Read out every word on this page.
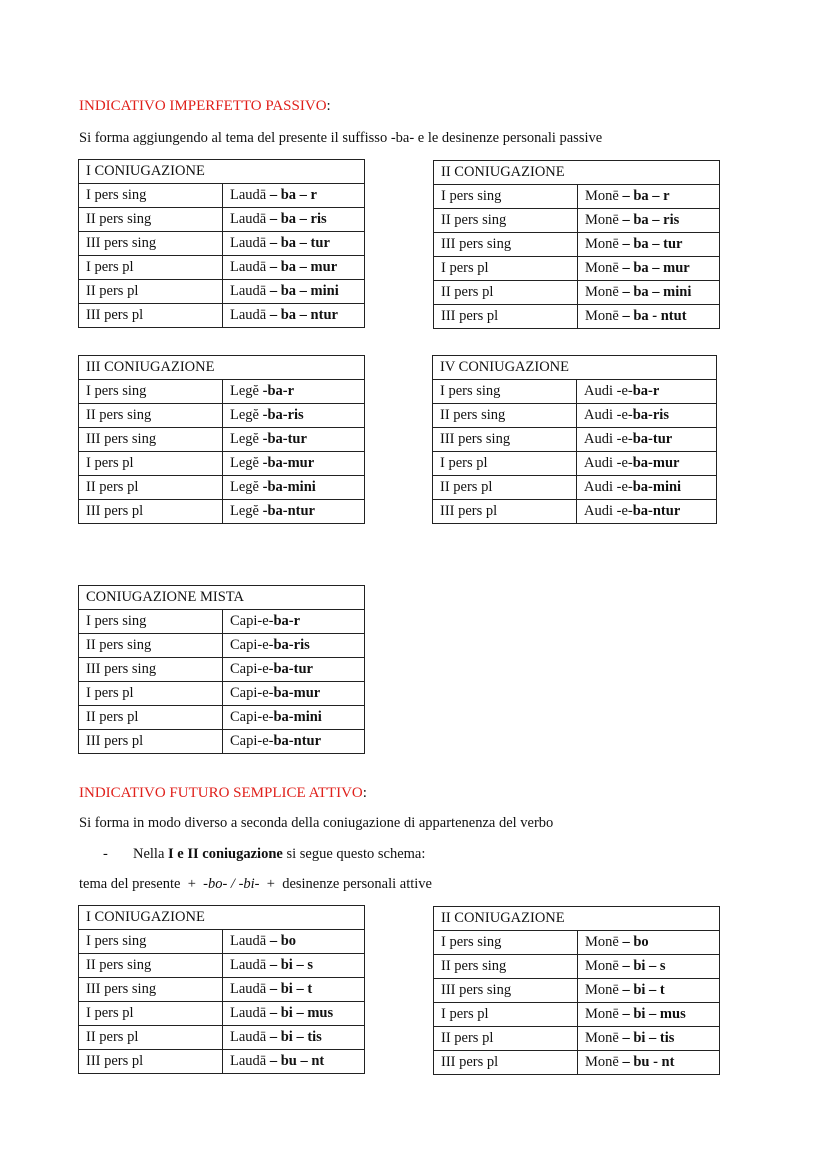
INDICATIVO IMPERFETTO PASSIVO:
Si forma aggiungendo al tema del presente il suffisso -ba- e le desinenze personali passive
I CONIUGAZIONE	
I pers sing	Laudā – ba – r
II pers sing	Laudā – ba – ris
III pers sing	Laudā – ba – tur
I pers pl	Laudā – ba – mur
II pers pl	Laudā – ba – mini
III pers pl	Laudā – ba – ntur
II CONIUGAZIONE	
I pers sing	Monē – ba – r
II pers sing	Monē – ba – ris
III pers sing	Monē – ba – tur
I pers pl	Monē – ba – mur
II pers pl	Monē – ba – mini
III pers pl	Monē – ba - ntut
III CONIUGAZIONE	
I pers sing	Legĕ -ba-r
II pers sing	Legĕ -ba-ris
III pers sing	Legĕ -ba-tur
I pers pl	Legĕ -ba-mur
II pers pl	Legĕ -ba-mini
III pers pl	Legĕ -ba-ntur
IV CONIUGAZIONE	
I pers sing	Audi -e-ba-r
II pers sing	Audi -e-ba-ris
III pers sing	Audi -e-ba-tur
I pers pl	Audi -e-ba-mur
II pers pl	Audi -e-ba-mini
III pers pl	Audi -e-ba-ntur
CONIUGAZIONE MISTA	
I pers sing	Capi-e-ba-r
II pers sing	Capi-e-ba-ris
III pers sing	Capi-e-ba-tur
I pers pl	Capi-e-ba-mur
II pers pl	Capi-e-ba-mini
III pers pl	Capi-e-ba-ntur
I CONIUGAZIONE	
I pers sing	Laudā – bo
II pers sing	Laudā – bi – s
III pers sing	Laudā – bi – t
I pers pl	Laudā – bi – mus
II pers pl	Laudā – bi – tis
III pers pl	Laudā – bu – nt
II CONIUGAZIONE	
I pers sing	Monē – bo
II pers sing	Monē – bi – s
III pers sing	Monē – bi – t
I pers pl	Monē – bi – mus
II pers pl	Monē – bi – tis
III pers pl	Monē – bu - nt
INDICATIVO FUTURO SEMPLICE ATTIVO:
Si forma in modo diverso a seconda della coniugazione di appartenenza del verbo
- Nella I e II coniugazione si segue questo schema:
tema del presente  +  -bo- / -bi-  +  desinenze personali attive
